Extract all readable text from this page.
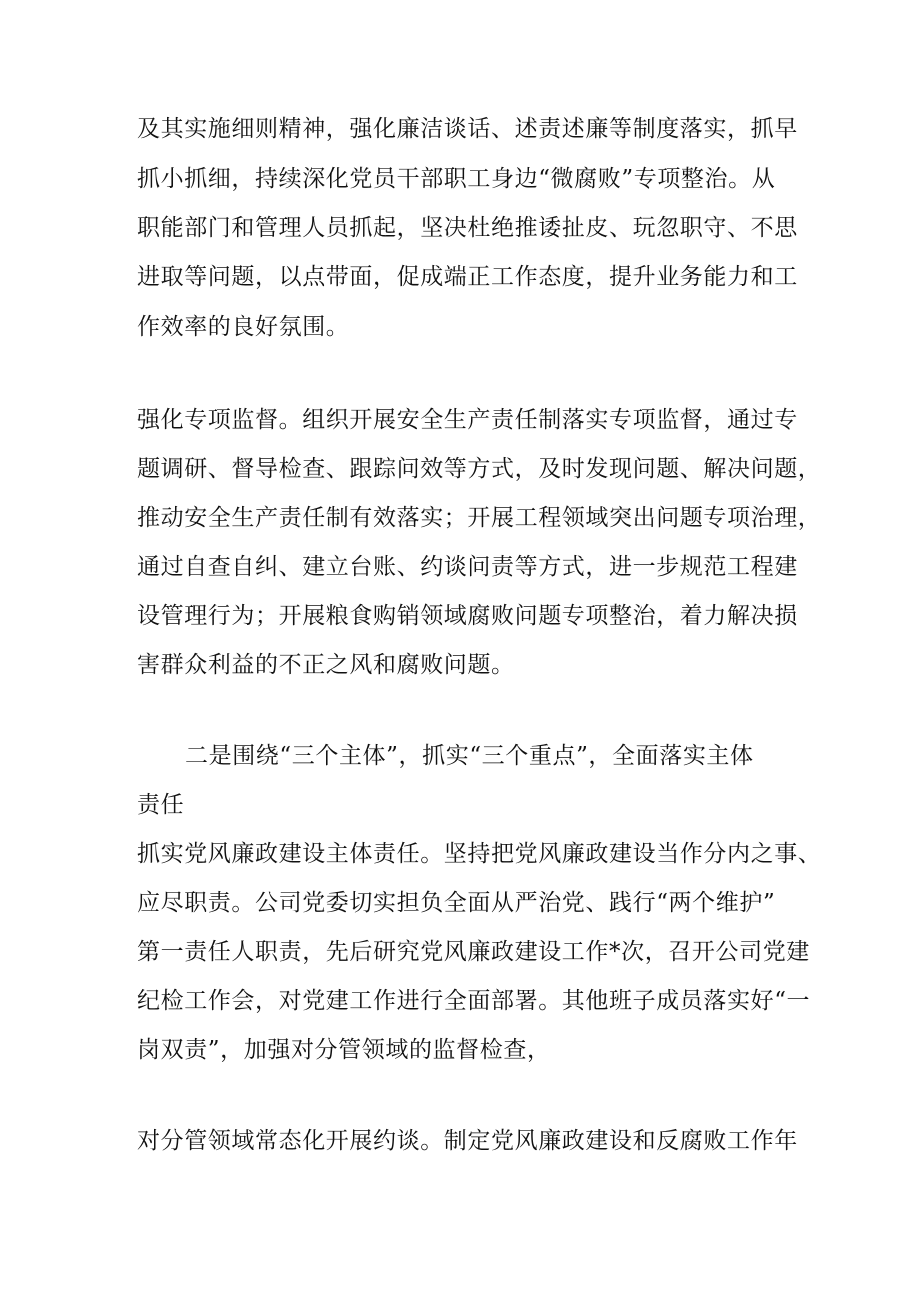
及其实施细则精神，强化廉洁谈话、述责述廉等制度落实，抓早
抓小抓细，持续深化党员干部职工身边“微腐败”专项整治。从
职能部门和管理人员抓起，坚决杜绝推诿扯皮、玩忽职守、不思
进取等问题，以点带面，促成端正工作态度，提升业务能力和工
作效率的良好氛围。
强化专项监督。组织开展安全生产责任制落实专项监督，通过专
题调研、督导检查、跟踪问效等方式，及时发现问题、解决问题，
推动安全生产责任制有效落实；开展工程领域突出问题专项治理，
通过自查自纠、建立台账、约谈问责等方式，进一步规范工程建
设管理行为；开展粮食购销领域腐败问题专项整治，着力解决损
害群众利益的不正之风和腐败问题。
二是围绕“三个主体”，抓实“三个重点”，全面落实主体
责任
抓实党风廉政建设主体责任。坚持把党风廉政建设当作分内之事、
应尽职责。公司党委切实担负全面从严治党、践行“两个维护”
第一责任人职责，先后研究党风廉政建设工作*次，召开公司党建
纪检工作会，对党建工作进行全面部署。其他班子成员落实好“一
岗双责”，加强对分管领域的监督检查，
对分管领域常态化开展约谈。制定党风廉政建设和反腐败工作年
